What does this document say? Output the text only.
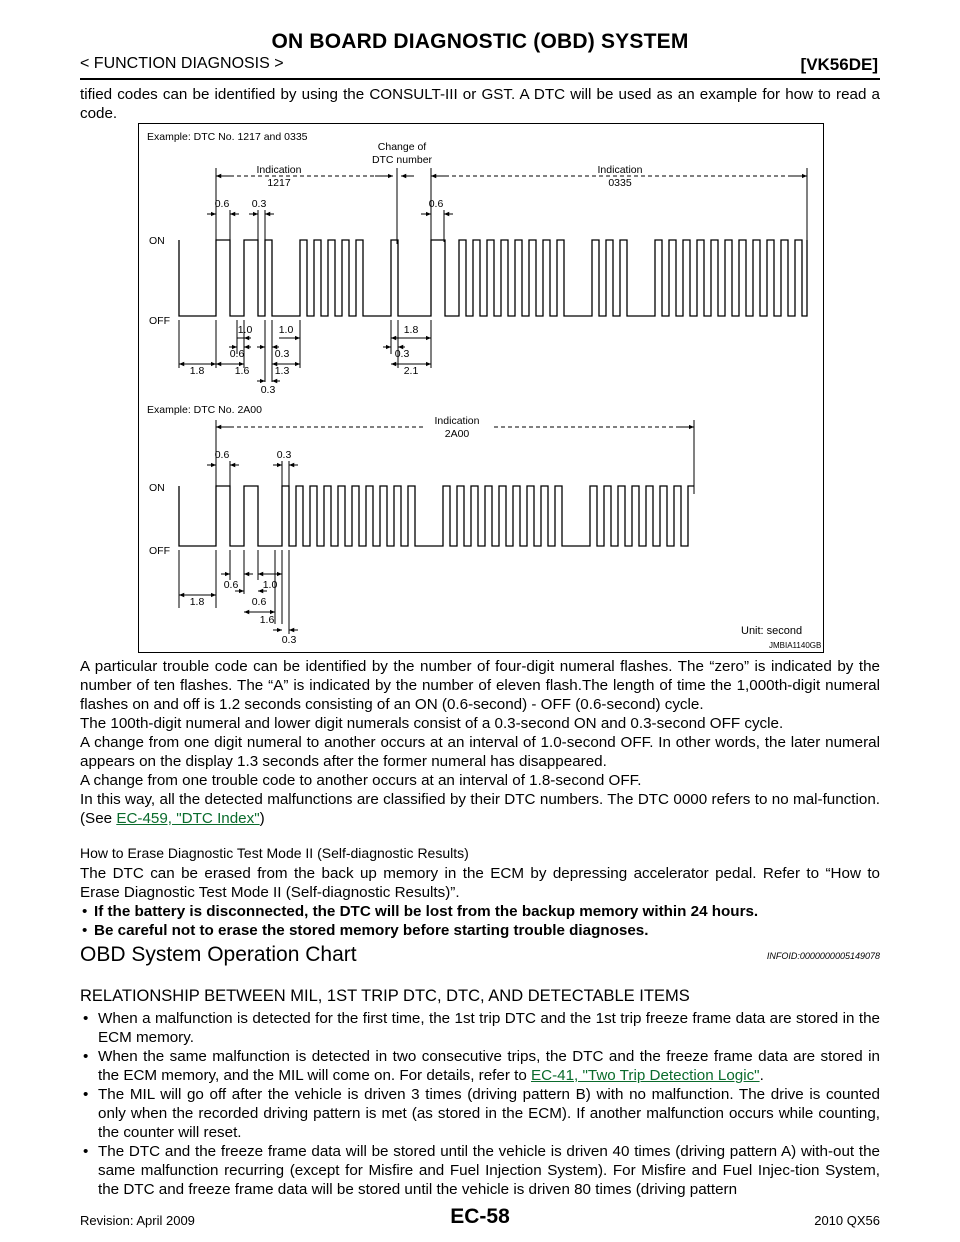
ON BOARD DIAGNOSTIC (OBD) SYSTEM
< FUNCTION DIAGNOSIS >	[VK56DE]
tified codes can be identified by using the CONSULT-III or GST. A DTC will be used as an example for how to read a code.
Example: DTC No. 1217 and 0335
Change of
DTC number
Indication
1217
Indication
0335
0.6 0.3	0.6
ON
OFF
1.0	1.0	1.8
0.6	0.3	0.3
1.8	1.6 1.3	2.1
0.3
Example: DTC No. 2A00
Indication
2A00
0.6	0.3
ON
OFF
0.6 1.0
1.8	0.6
1.6
0.3
Unit: second
JMBIA1140GB

A particular trouble code can be identified by the number of four-digit numeral flashes. The “zero” is indicated by the number of ten flashes. The “A” is indicated by the number of eleven flash.The length of time the 1,000th-digit numeral flashes on and off is 1.2 seconds consisting of an ON (0.6-second) - OFF (0.6-second) cycle.

The 100th-digit numeral and lower digit numerals consist of a 0.3-second ON and 0.3-second OFF cycle.

A change from one digit numeral to another occurs at an interval of 1.0-second OFF. In other words, the later numeral appears on the display 1.3 seconds after the former numeral has disappeared.

A change from one trouble code to another occurs at an interval of 1.8-second OFF.

In this way, all the detected malfunctions are classified by their DTC numbers. The DTC 0000 refers to no mal-function. (See EC-459, "DTC Index")

How to Erase Diagnostic Test Mode II (Self-diagnostic Results)

The DTC can be erased from the back up memory in the ECM by depressing accelerator pedal. Refer to “How to Erase Diagnostic Test Mode II (Self-diagnostic Results)”.

• If the battery is disconnected, the DTC will be lost from the backup memory within 24 hours.

• Be careful not to erase the stored memory before starting trouble diagnoses.

OBD System Operation Chart	INFOID:0000000005149078
RELATIONSHIP BETWEEN MIL, 1ST TRIP DTC, DTC, AND DETECTABLE ITEMS
• When a malfunction is detected for the first time, the 1st trip DTC and the 1st trip freeze frame data are stored in the ECM memory.
• When the same malfunction is detected in two consecutive trips, the DTC and the freeze frame data are stored in the ECM memory, and the MIL will come on. For details, refer to EC-41, "Two Trip Detection Logic".
• The MIL will go off after the vehicle is driven 3 times (driving pattern B) with no malfunction. The drive is counted only when the recorded driving pattern is met (as stored in the ECM). If another malfunction occurs while counting, the counter will reset.
• The DTC and the freeze frame data will be stored until the vehicle is driven 40 times (driving pattern A) with-out the same malfunction recurring (except for Misfire and Fuel Injection System). For Misfire and Fuel Injec-tion System, the DTC and freeze frame data will be stored until the vehicle is driven 80 times (driving pattern
Revision: April 2009	EC-58	2010 QX56
